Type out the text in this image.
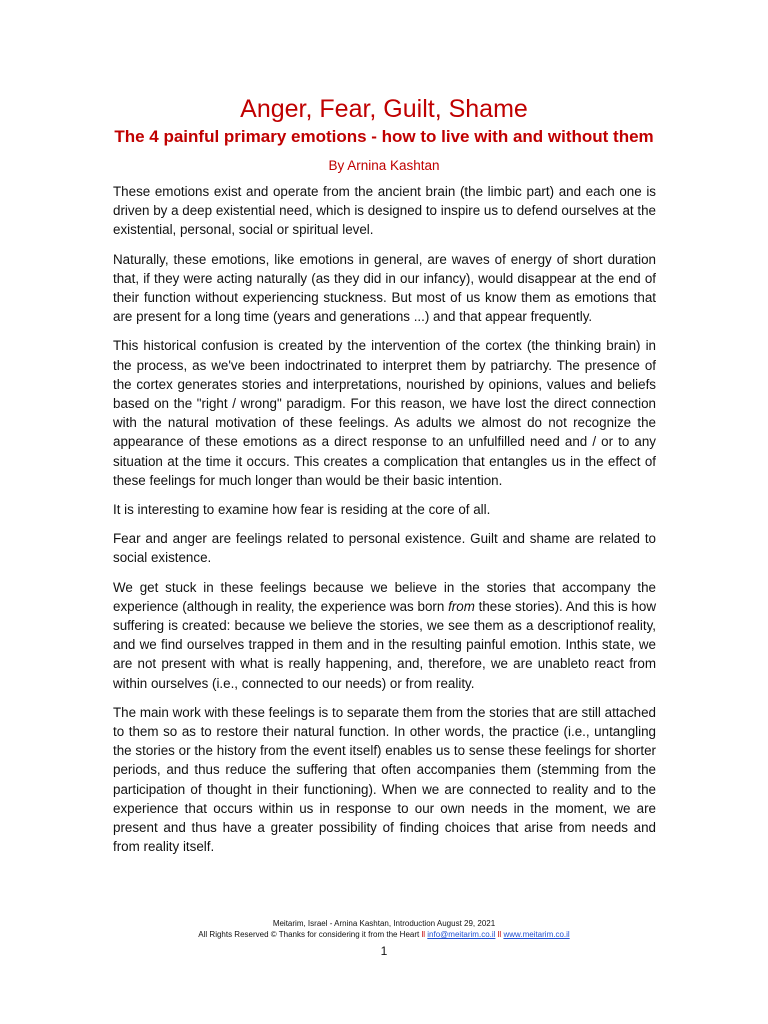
Anger, Fear, Guilt, Shame
The 4 painful primary emotions - how to live with and without them
By Arnina Kashtan

These emotions exist and operate from the ancient brain (the limbic part) and each one is driven by a deep existential need, which is designed to inspire us to defend ourselves at the existential, personal, social or spiritual level.

Naturally, these emotions, like emotions in general, are waves of energy of short duration that, if they were acting naturally (as they did in our infancy), would disappear at the end of their function without experiencing stuckness. But most of us know them as emotions that are present for a long time (years and generations ...) and that appear frequently.

This historical confusion is created by the intervention of the cortex (the thinking brain) in the process, as we've been indoctrinated to interpret them by patriarchy. The presence of the cortex generates stories and interpretations, nourished by opinions, values and beliefs based on the "right / wrong" paradigm. For this reason, we have lost the direct connection with the natural motivation of these feelings. As adults we almost do not recognize the appearance of these emotions as a direct response to an unfulfilled need and / or to any situation at the time it occurs. This creates a complication that entangles us in the effect of these feelings for much longer than would be their basic intention.

It is interesting to examine how fear is residing at the core of all.

Fear and anger are feelings related to personal existence. Guilt and shame are related to social existence.

We get stuck in these feelings because we believe in the stories that accompany the experience (although in reality, the experience was born from these stories). And this is how suffering is created: because we believe the stories, we see them as a descriptionof reality, and we find ourselves trapped in them and in the resulting painful emotion. Inthis state, we are not present with what is really happening, and, therefore, we are unableto react from within ourselves (i.e., connected to our needs) or from reality.

The main work with these feelings is to separate them from the stories that are still attached to them so as to restore their natural function. In other words, the practice (i.e., untangling the stories or the history from the event itself) enables us to sense these feelings for shorter periods, and thus reduce the suffering that often accompanies them (stemming from the participation of thought in their functioning). When we are connected to reality and to the experience that occurs within us in response to our own needs in the moment, we are present and thus have a greater possibility of finding choices that arise from needs and from reality itself.

Meitarim, Israel - Arnina Kashtan, Introduction August 29, 2021
All Rights Reserved © Thanks for considering it from the Heart ll info@meitarim.co.il ll www.meitarim.co.il
1
